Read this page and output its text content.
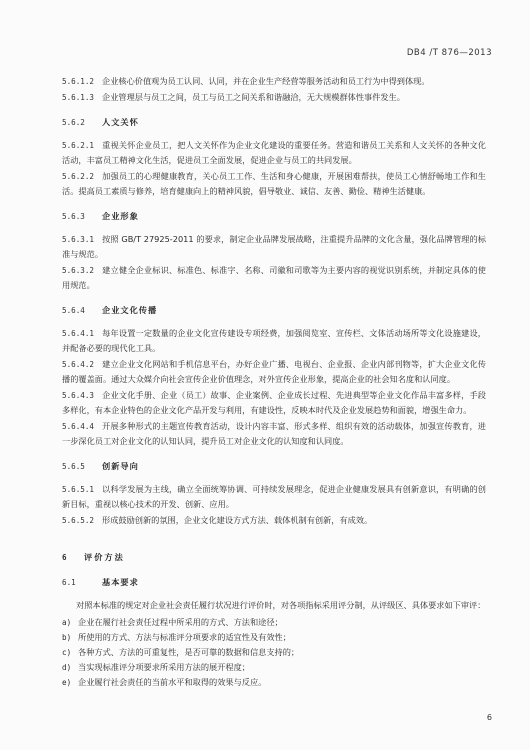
DB4 /T 876—2013
5.6.1.2 企业核心价值观为员工认同、认同，并在企业生产经营等服务活动和员工行为中得到体现。
5.6.1.3 企业管理层与员工之间，员工与员工之间关系和谐融洽，无大规模群体性事件发生。
5.6.2 人文关怀
5.6.2.1 重视关怀企业员工，把人文关怀作为企业文化建设的重要任务。营造和谐员工关系和人文关怀的各种文化活动，丰富员工精神文化生活，促进员工全面发展，促进企业与员工的共同发展。
5.6.2.2 加强员工的心理健康教育，关心员工工作、生活和身心健康，开展困难帮扶，使员工心情舒畅地工作和生活。提高员工素质与修养，培育健康向上的精神风貌，倡导敬业、诚信、友善、勤俭、精神生活健康。
5.6.3 企业形象
5.6.3.1 按照 GB/T 27925-2011 的要求，制定企业品牌发展战略，注重提升品牌的文化含量，强化品牌管理的标准与规范。
5.6.3.2 建立健全企业标识、标准色、标准字、名称、司徽和司歌等为主要内容的视觉识别系统，并制定具体的使用规范。
5.6.4 企业文化传播
5.6.4.1 每年设置一定数量的企业文化宣传建设专项经费，加强阅览室、宣传栏、文体活动场所等文化设施建设，并配备必要的现代化工具。
5.6.4.2 建立企业文化网站和手机信息平台，办好企业广播、电视台、企业报、企业内部刊物等，扩大企业文化传播的覆盖面。通过大众媒介向社会宣传企业价值理念，对外宣传企业形象，提高企业的社会知名度和认同度。
5.6.4.3 企业文化手册、企业（员工）故事、企业案例、企业成长过程、先进典型等企业文化作品丰富多样，手段多样化，有本企业特色的企业文化产品开发与利用，有建设性，反映本时代及企业发展趋势和面貌，增强生命力。
5.6.4.4 开展多种形式的主题宣传教育活动，设计内容丰富、形式多样、组织有效的活动载体，加强宣传教育，进一步深化员工对企业文化的认知认同，提升员工对企业文化的认知度和认同度。
5.6.5 创新导向
5.6.5.1 以科学发展为主线，确立全面统筹协调、可持续发展理念，促进企业健康发展具有创新意识，有明确的创新目标，重视以核心技术的开发、创新、应用。
5.6.5.2 形成鼓励创新的氛围，企业文化建设方式方法、载体机制有创新，有成效。
6 评价方法
6.1	基本要求
对照本标准的规定对企业社会责任履行状况进行评价时，对各项指标采用评分制，从评级区、具体要求如下审评：
a) 企业在履行社会责任过程中所采用的方式、方法和途径；
b) 所使用的方式、方法与标准评分项要求的适宜性及有效性；
c) 各种方式、方法的可重复性，是否可靠的数据和信息支持的；
d) 当实现标准评分项要求所采用方法的展开程度；
e) 企业履行社会责任的当前水平和取得的效果与反应。
6
